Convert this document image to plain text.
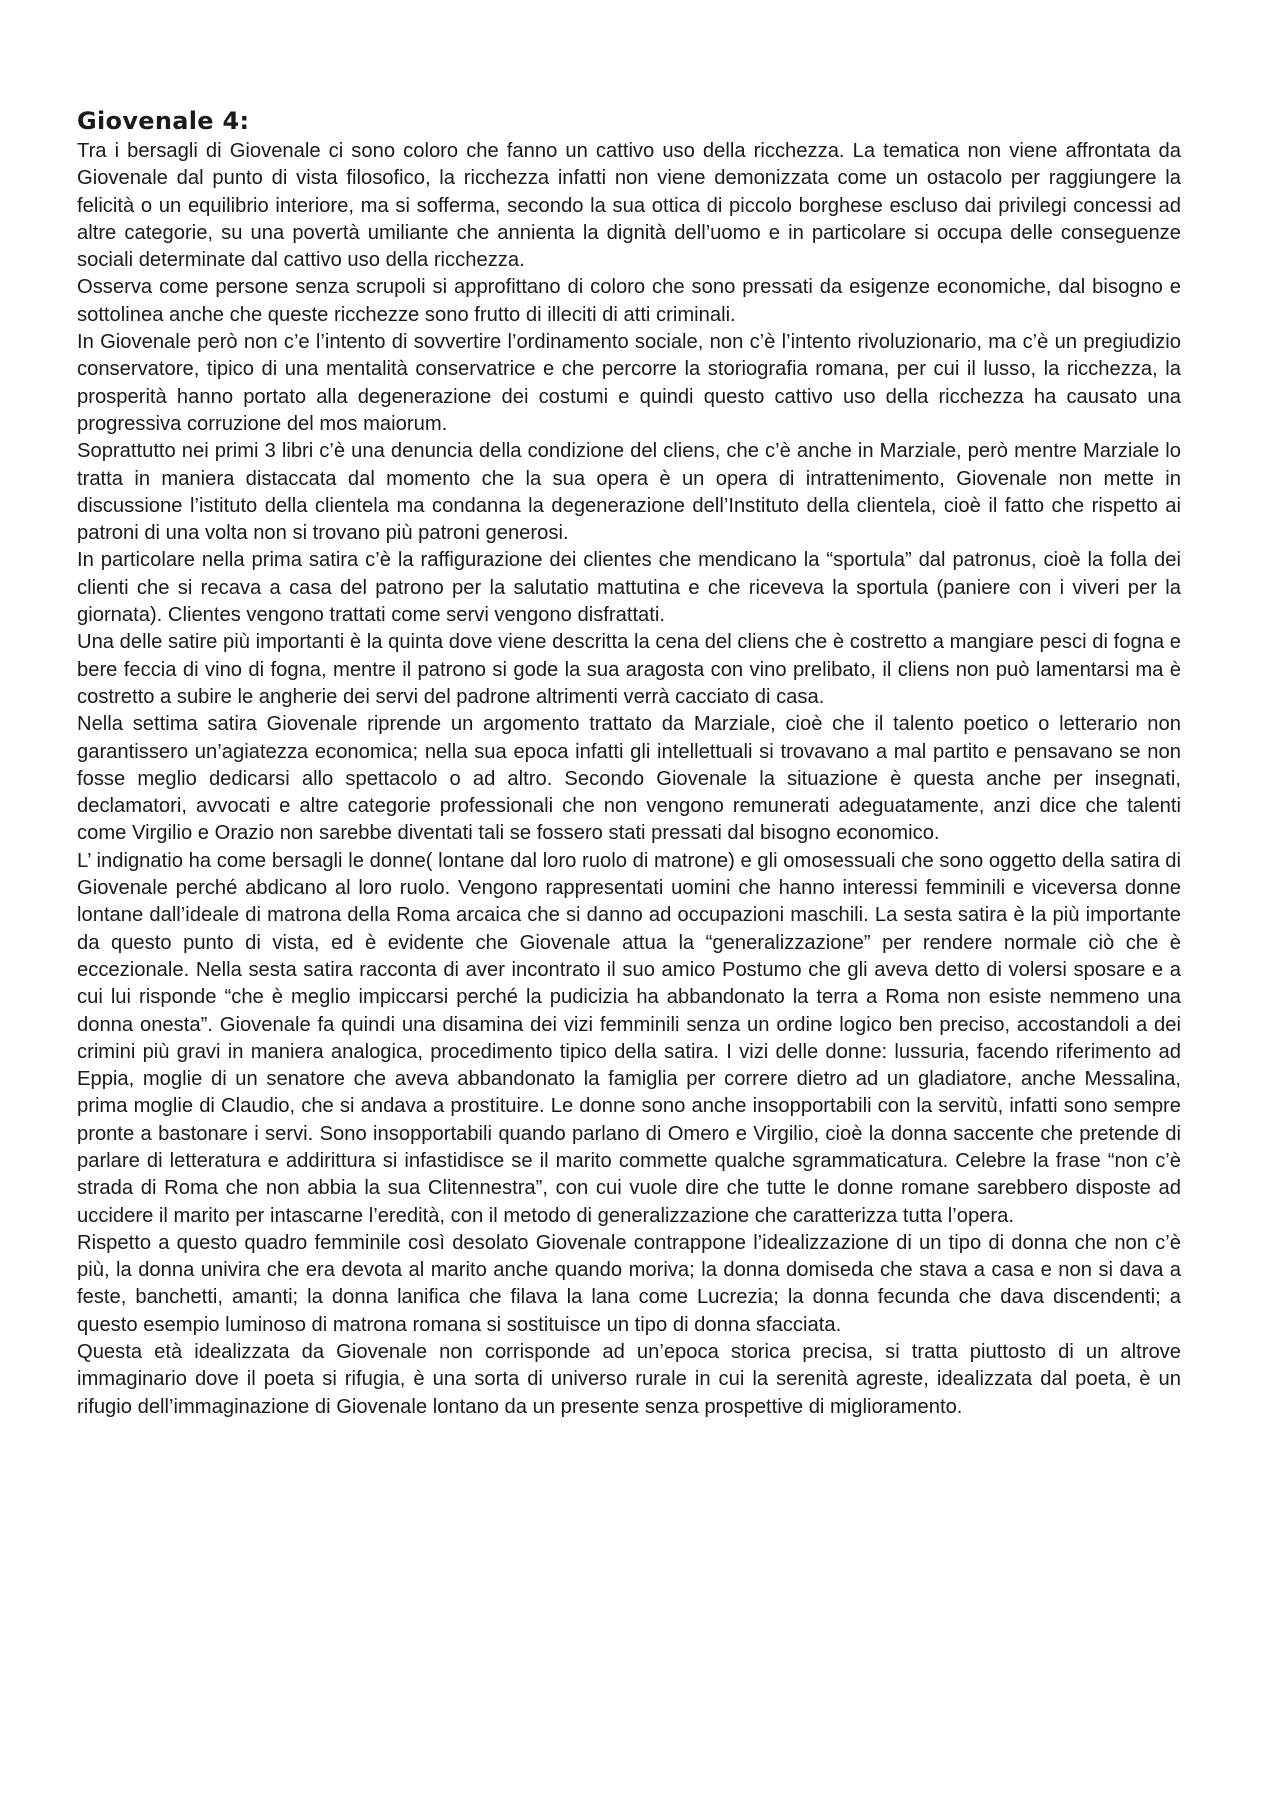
Giovenale 4:

Tra i bersagli di Giovenale ci sono coloro che fanno un cattivo uso della ricchezza. La tematica non viene affrontata da Giovenale dal punto di vista filosofico, la ricchezza infatti non viene demonizzata come un ostacolo per raggiungere la felicità o un equilibrio interiore, ma si sofferma, secondo la sua ottica di piccolo borghese escluso dai privilegi concessi ad altre categorie, su una povertà umiliante che annienta la dignità dell’uomo e in particolare si occupa delle conseguenze sociali determinate dal cattivo uso della ricchezza.

Osserva come persone senza scrupoli si approfittano di coloro che sono pressati da esigenze economiche, dal bisogno e sottolinea anche che queste ricchezze sono frutto di illeciti di atti criminali.

In Giovenale però non c’e l’intento di sovvertire l’ordinamento sociale, non c’è l’intento rivoluzionario, ma c’è un pregiudizio conservatore, tipico di una mentalità conservatrice e che percorre la storiografia romana, per cui il lusso, la ricchezza, la prosperità hanno portato alla degenerazione dei costumi e quindi questo cattivo uso della ricchezza ha causato una progressiva corruzione del mos maiorum.

Soprattutto nei primi 3 libri c’è una denuncia della condizione del cliens, che c’è anche in Marziale, però mentre Marziale lo tratta in maniera distaccata dal momento che la sua opera è un opera di intrattenimento, Giovenale non mette in discussione l’istituto della clientela ma condanna la degenerazione dell’Instituto della clientela, cioè il fatto che rispetto ai patroni di una volta non si trovano più patroni generosi.

In particolare nella prima satira c’è la raffigurazione dei clientes che mendicano la “sportula” dal patronus, cioè la folla dei clienti che si recava a casa del patrono per la salutatio mattutina e che riceveva la sportula (paniere con i viveri per la giornata). Clientes vengono trattati come servi vengono disfrattati.

Una delle satire più importanti è la quinta dove viene descritta la cena del cliens che è costretto a mangiare pesci di fogna e bere feccia di vino di fogna, mentre il patrono si gode la sua aragosta con vino prelibato, il cliens non può lamentarsi ma è costretto a subire le angherie dei servi del padrone altrimenti verrà cacciato di casa.

Nella settima satira Giovenale riprende un argomento trattato da Marziale, cioè che il talento poetico o letterario non garantissero un’agiatezza economica; nella sua epoca infatti gli intellettuali si trovavano a mal partito e pensavano se non fosse meglio dedicarsi allo spettacolo o ad altro. Secondo Giovenale la situazione è questa anche per insegnati, declamatori, avvocati e altre categorie professionali che non vengono remunerati adeguatamente, anzi dice che talenti come Virgilio e Orazio non sarebbe diventati tali se fossero stati pressati dal bisogno economico.

L’ indignatio ha come bersagli le donne( lontane dal loro ruolo di matrone) e gli omosessuali che sono oggetto della satira di Giovenale perché abdicano al loro ruolo. Vengono rappresentati uomini che hanno interessi femminili e viceversa donne lontane dall’ideale di matrona della Roma arcaica che si danno ad occupazioni maschili. La sesta satira è la più importante da questo punto di vista, ed è evidente che Giovenale attua la “generalizzazione” per rendere normale ciò che è eccezionale. Nella sesta satira racconta di aver incontrato il suo amico Postumo che gli aveva detto di volersi sposare e a cui lui risponde “che è meglio impiccarsi perché la pudicizia ha abbandonato la terra a Roma non esiste nemmeno una donna onesta”. Giovenale fa quindi una disamina dei vizi femminili senza un ordine logico ben preciso, accostandoli a dei crimini più gravi in maniera analogica, procedimento tipico della satira. I vizi delle donne: lussuria, facendo riferimento ad Eppia, moglie di un senatore che aveva abbandonato la famiglia per correre dietro ad un gladiatore, anche Messalina, prima moglie di Claudio, che si andava a prostituire. Le donne sono anche insopportabili con la servitù, infatti sono sempre pronte a bastonare i servi. Sono insopportabili quando parlano di Omero e Virgilio, cioè la donna saccente che pretende di parlare di letteratura e addirittura si infastidisce se il marito commette qualche sgrammaticatura. Celebre la frase “non c’è strada di Roma che non abbia la sua Clitennestra”, con cui vuole dire che tutte le donne romane sarebbero disposte ad uccidere il marito per intascarne l’eredità, con il metodo di generalizzazione che caratterizza tutta l’opera.

Rispetto a questo quadro femminile così desolato Giovenale contrappone l’idealizzazione di un tipo di donna che non c’è più, la donna univira che era devota al marito anche quando moriva; la donna domiseda che stava a casa e non si dava a feste, banchetti, amanti; la donna lanifica che filava la lana come Lucrezia; la donna fecunda che dava discendenti; a questo esempio luminoso di matrona romana si sostituisce un tipo di donna sfacciata.

Questa età idealizzata da Giovenale non corrisponde ad un’epoca storica precisa, si tratta piuttosto di un altrove immaginario dove il poeta si rifugia, è una sorta di universo rurale in cui la serenità agreste, idealizzata dal poeta, è un rifugio dell’immaginazione di Giovenale lontano da un presente senza prospettive di miglioramento.
